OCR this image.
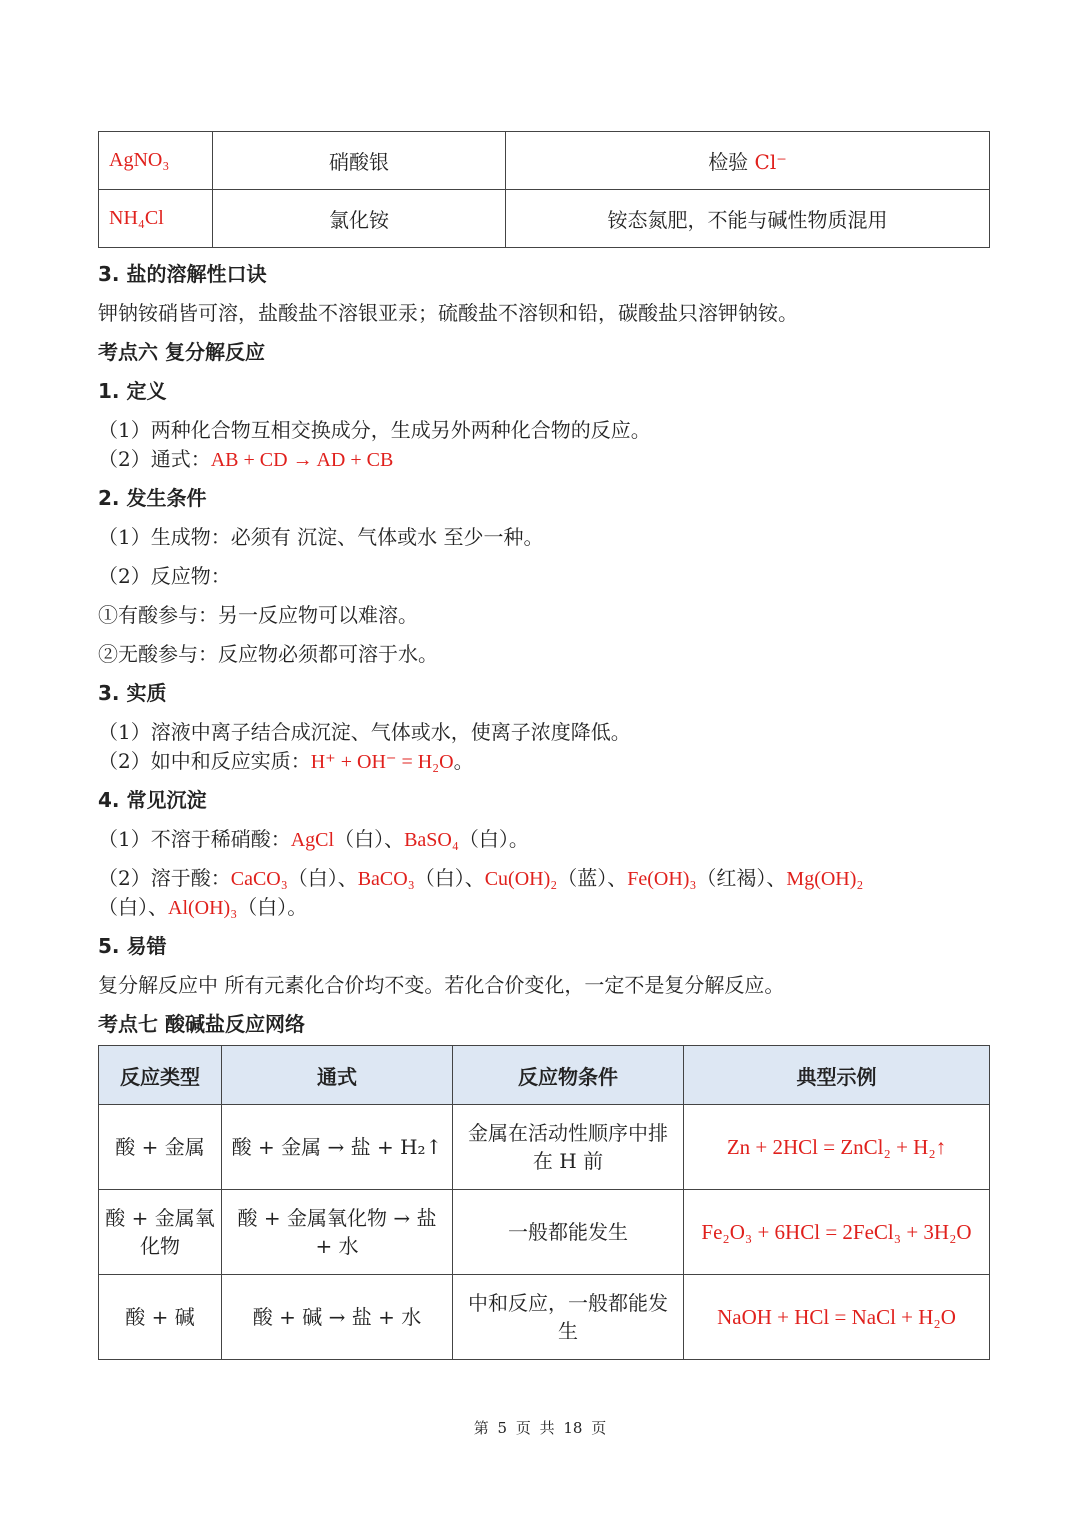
AgNO₃	硝酸银	检验 Cl⁻
NH₄Cl	氯化铵	铵态氮肥，不能与碱性物质混用
3. 盐的溶解性口诀
钾钠铵硝皆可溶，盐酸盐不溶银亚汞；硫酸盐不溶钡和铅，碳酸盐只溶钾钠铵。
考点六 复分解反应
1. 定义
（1）两种化合物互相交换成分，生成另外两种化合物的反应。
（2）通式：AB + CD → AD + CB
2. 发生条件
（1）生成物：必须有 沉淀、气体或水 至少一种。
（2）反应物：
①有酸参与：另一反应物可以难溶。
②无酸参与：反应物必须都可溶于水。
3. 实质
（1）溶液中离子结合成沉淀、气体或水，使离子浓度降低。
（2）如中和反应实质：H⁺ + OH⁻ = H₂O。
4. 常见沉淀
（1）不溶于稀硝酸：AgCl（白）、BaSO₄（白）。
（2）溶于酸：CaCO₃（白）、BaCO₃（白）、Cu(OH)₂（蓝）、Fe(OH)₃（红褐）、Mg(OH)₂
（白）、Al(OH)₃（白）。
5. 易错
复分解反应中 所有元素化合价均不变。若化合价变化，一定不是复分解反应。
考点七 酸碱盐反应网络
反应类型	通式	反应物条件	典型示例
酸 + 金属	酸 + 金属 → 盐 + H₂↑	金属在活动性顺序中排在 H 前	Zn + 2HCl = ZnCl₂ + H₂↑
酸 + 金属氧化物	酸 + 金属氧化物 → 盐 + 水	一般都能发生	Fe₂O₃ + 6HCl = 2FeCl₃ + 3H₂O
酸 + 碱	酸 + 碱 → 盐 + 水	中和反应，一般都能发生	NaOH + HCl = NaCl + H₂O
第 5 页 共 18 页
